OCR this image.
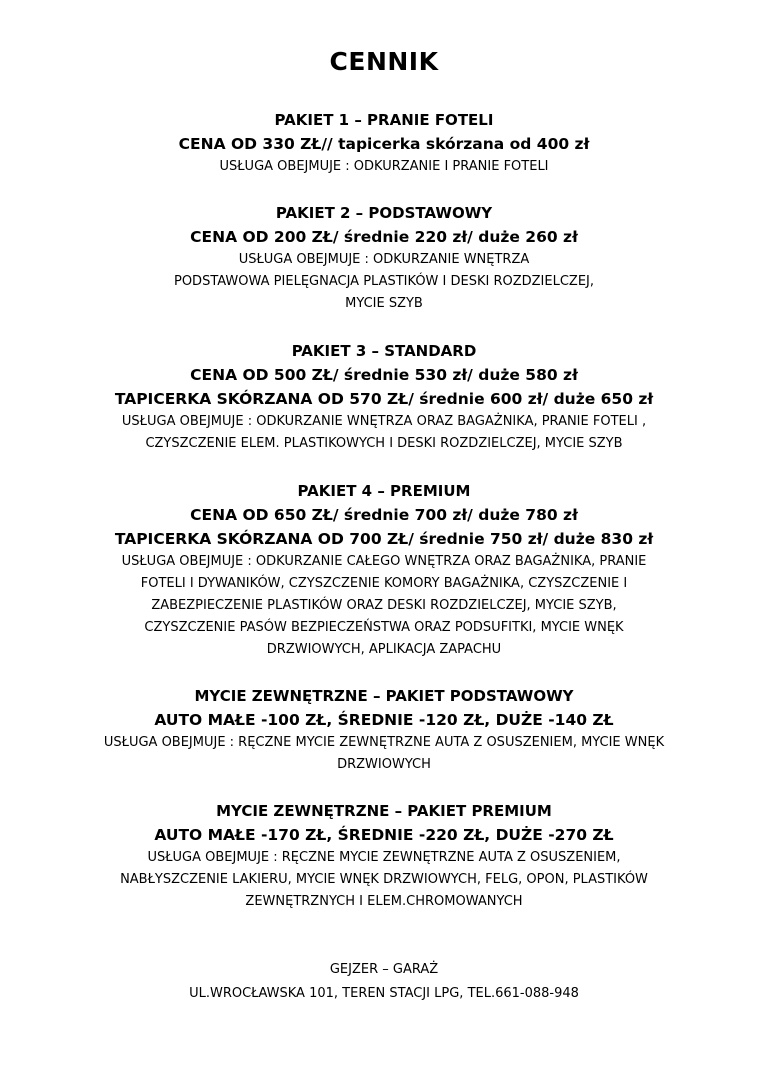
CENNIK
PAKIET 1 – PRANIE FOTELI
CENA OD 330 ZŁ// tapicerka skórzana od 400 zł
USŁUGA OBEJMUJE : ODKURZANIE I PRANIE FOTELI
PAKIET 2 – PODSTAWOWY
CENA OD 200 ZŁ/ średnie 220 zł/ duże 260 zł
USŁUGA OBEJMUJE : ODKURZANIE WNĘTRZA
PODSTAWOWA PIELĘGNACJA PLASTIKÓW I DESKI ROZDZIELCZEJ,
MYCIE SZYB
PAKIET 3 – STANDARD
CENA OD 500 ZŁ/ średnie 530 zł/ duże 580 zł
TAPICERKA SKÓRZANA OD 570 ZŁ/ średnie 600 zł/ duże 650 zł
USŁUGA OBEJMUJE : ODKURZANIE WNĘTRZA ORAZ BAGAŻNIKA, PRANIE FOTELI ,
CZYSZCZENIE ELEM. PLASTIKOWYCH I DESKI ROZDZIELCZEJ, MYCIE SZYB
PAKIET 4 – PREMIUM
CENA OD 650 ZŁ/ średnie 700 zł/ duże 780 zł
TAPICERKA SKÓRZANA OD 700 ZŁ/ średnie 750 zł/ duże 830 zł
USŁUGA OBEJMUJE : ODKURZANIE CAŁEGO WNĘTRZA ORAZ BAGAŻNIKA, PRANIE
FOTELI I DYWANIKÓW, CZYSZCZENIE KOMORY BAGAŻNIKA, CZYSZCZENIE I
ZABEZPIECZENIE PLASTIKÓW ORAZ DESKI ROZDZIELCZEJ, MYCIE SZYB,
CZYSZCZENIE PASÓW BEZPIECZEŃSTWA ORAZ PODSUFITKI, MYCIE WNĘK
DRZWIOWYCH, APLIKACJA ZAPACHU
MYCIE ZEWNĘTRZNE – PAKIET PODSTAWOWY
AUTO MAŁE -100 ZŁ, ŚREDNIE -120 ZŁ, DUŻE -140 ZŁ
USŁUGA OBEJMUJE : RĘCZNE MYCIE ZEWNĘTRZNE AUTA Z OSUSZENIEM, MYCIE WNĘK
DRZWIOWYCH
MYCIE ZEWNĘTRZNE – PAKIET PREMIUM
AUTO MAŁE -170 ZŁ, ŚREDNIE -220 ZŁ, DUŻE -270 ZŁ
USŁUGA OBEJMUJE : RĘCZNE MYCIE ZEWNĘTRZNE AUTA Z OSUSZENIEM,
NABŁYSZCZENIE LAKIERU, MYCIE WNĘK DRZWIOWYCH, FELG, OPON, PLASTIKÓW
ZEWNĘTRZNYCH I ELEM.CHROMOWANYCH
GEJZER – GARAŻ
UL.WROCŁAWSKA 101, TEREN STACJI LPG, TEL.661-088-948
